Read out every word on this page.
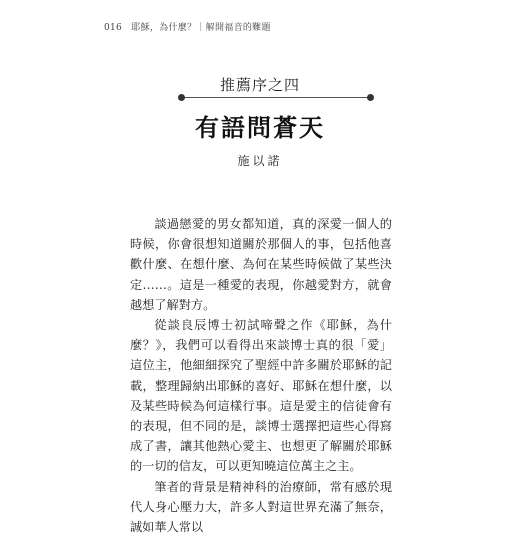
016 耶穌，為什麼？｜解開福音的難題
推薦序之四
有語問蒼天
施以諾

談過戀愛的男女都知道，真的深愛一個人的時候，你會很想知道關於那個人的事，包括他喜歡什麼、在想什麼、為何在某些時候做了某些決定……。這是一種愛的表現，你越愛對方，就會越想了解對方。

從談良辰博士初試啼聲之作《耶穌，為什麼？》，我們可以看得出來談博士真的很「愛」這位主，他細細探究了聖經中許多關於耶穌的記載，整理歸納出耶穌的喜好、耶穌在想什麼，以及某些時候為何這樣行事。這是愛主的信徒會有的表現，但不同的是，談博士選擇把這些心得寫成了書，讓其他熱心愛主、也想更了解關於耶穌的一切的信友，可以更知曉這位萬主之主。

筆者的背景是精神科的治療師，常有感於現代人身心壓力大，許多人對這世界充滿了無奈，誠如華人常以
